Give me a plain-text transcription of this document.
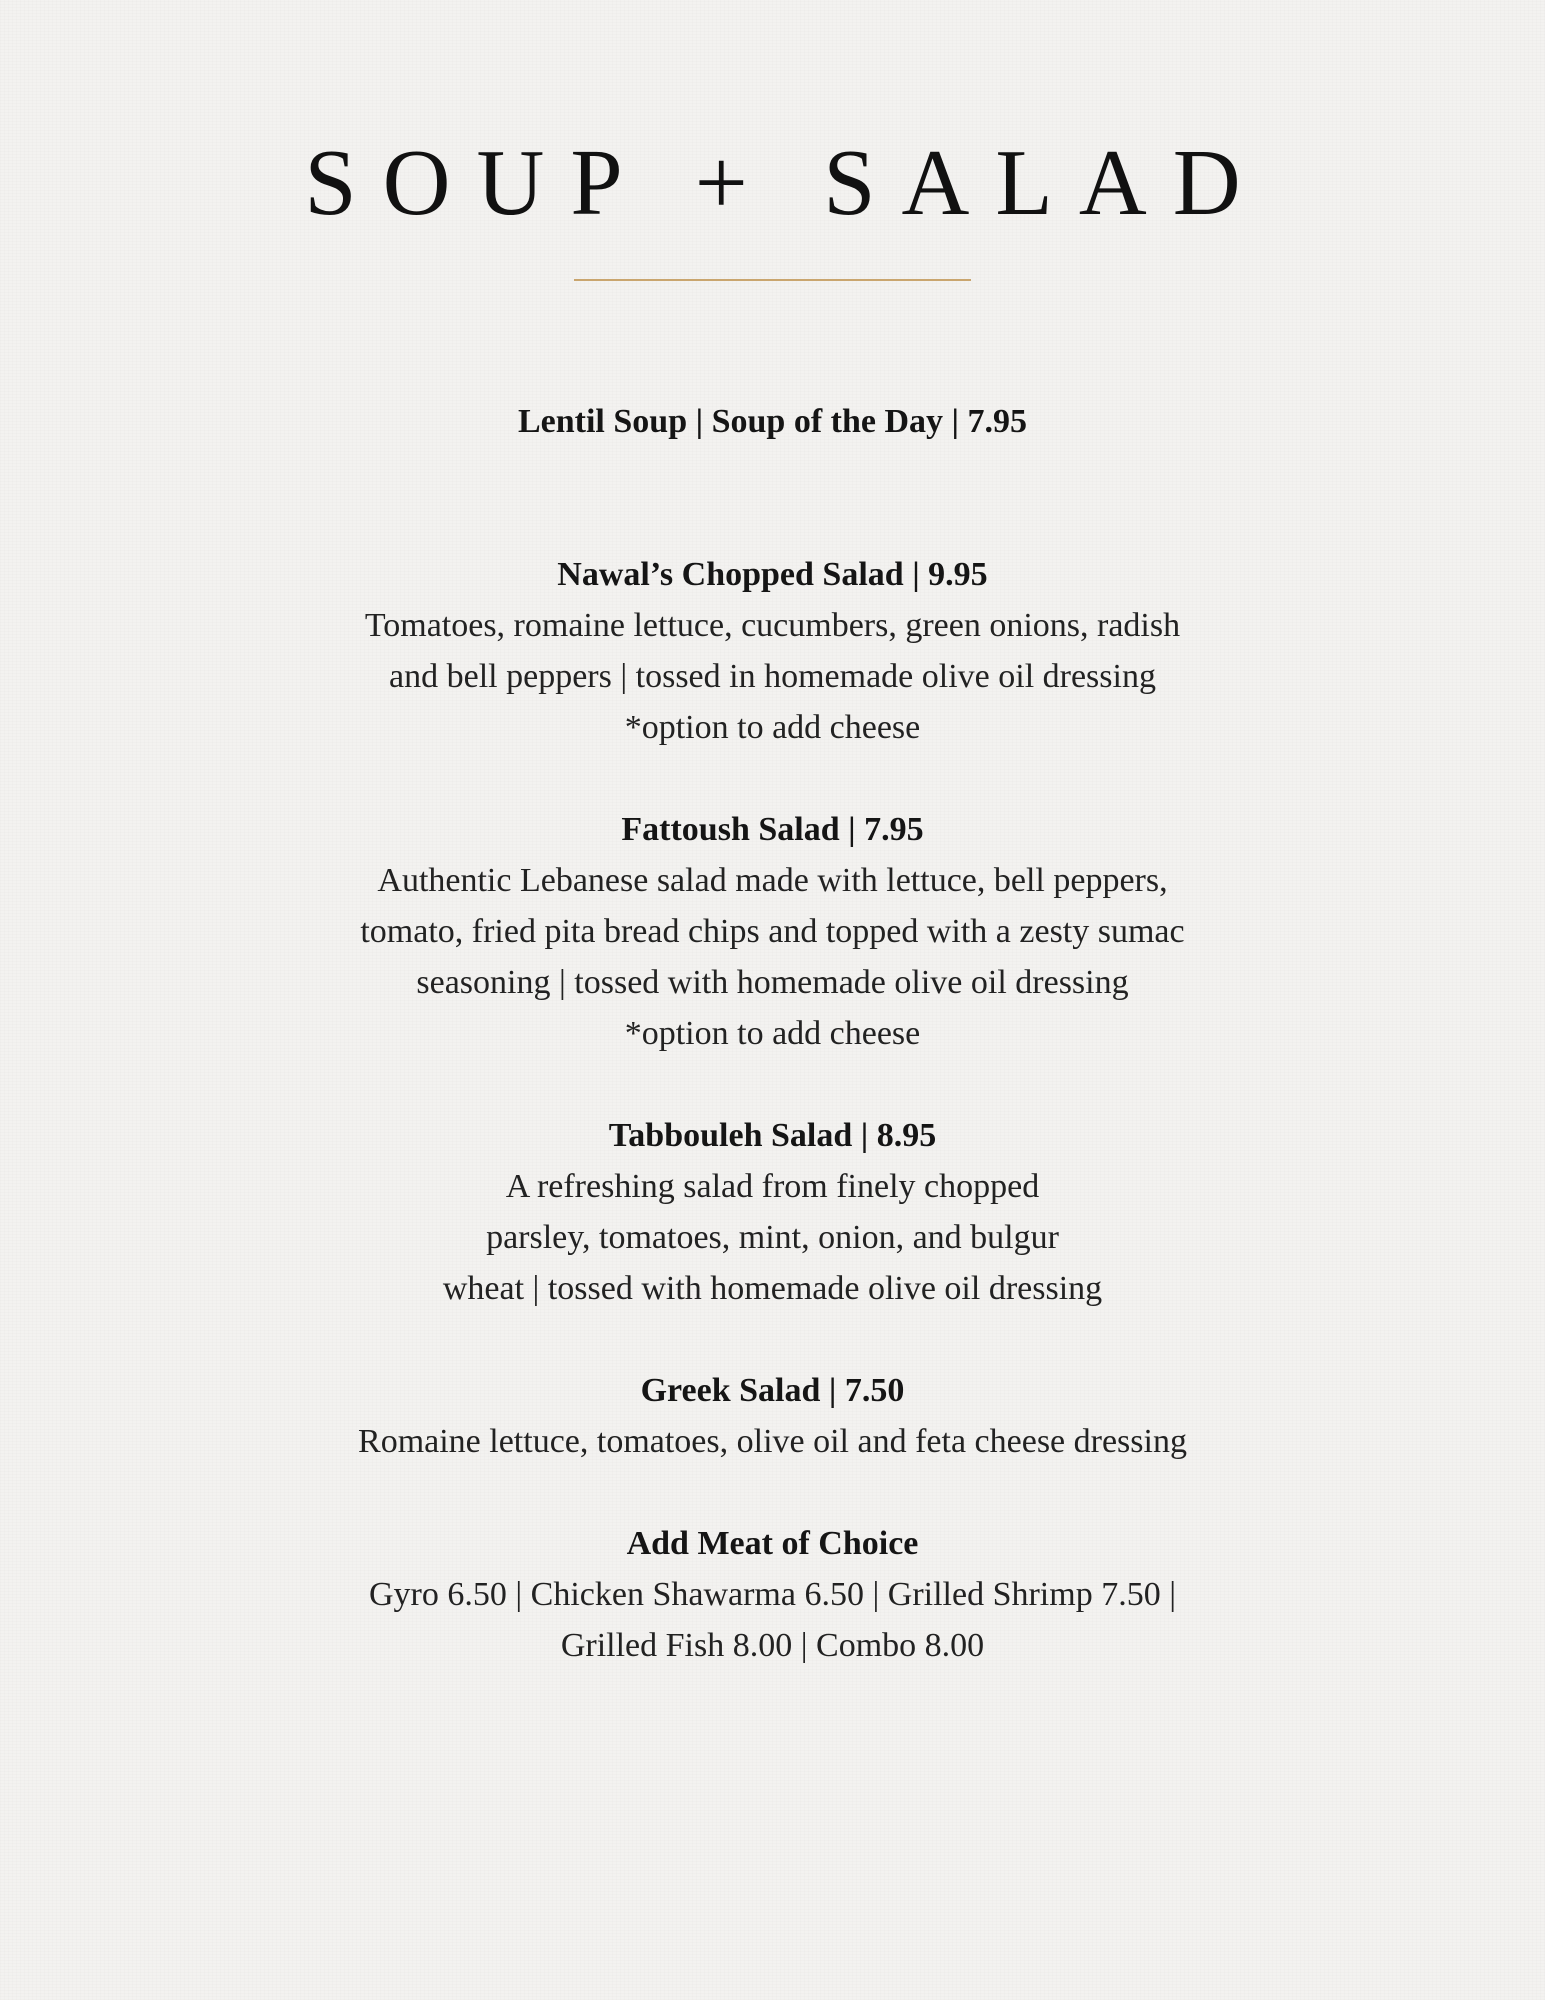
SOUP + SALAD

Lentil Soup | Soup of the Day | 7.95

Nawal’s Chopped Salad | 9.95

Tomatoes, romaine lettuce, cucumbers, green onions, radish

and bell peppers | tossed in homemade olive oil dressing

*option to add cheese

Fattoush Salad | 7.95

Authentic Lebanese salad made with lettuce, bell peppers,

tomato, fried pita bread chips and topped with a zesty sumac

seasoning | tossed with homemade olive oil dressing

*option to add cheese

Tabbouleh Salad | 8.95

A refreshing salad from finely chopped

parsley, tomatoes, mint, onion, and bulgur

wheat | tossed with homemade olive oil dressing

Greek Salad | 7.50

Romaine lettuce, tomatoes, olive oil and feta cheese dressing

Add Meat of Choice

Gyro 6.50 | Chicken Shawarma 6.50 | Grilled Shrimp 7.50 |

Grilled Fish 8.00 | Combo 8.00
